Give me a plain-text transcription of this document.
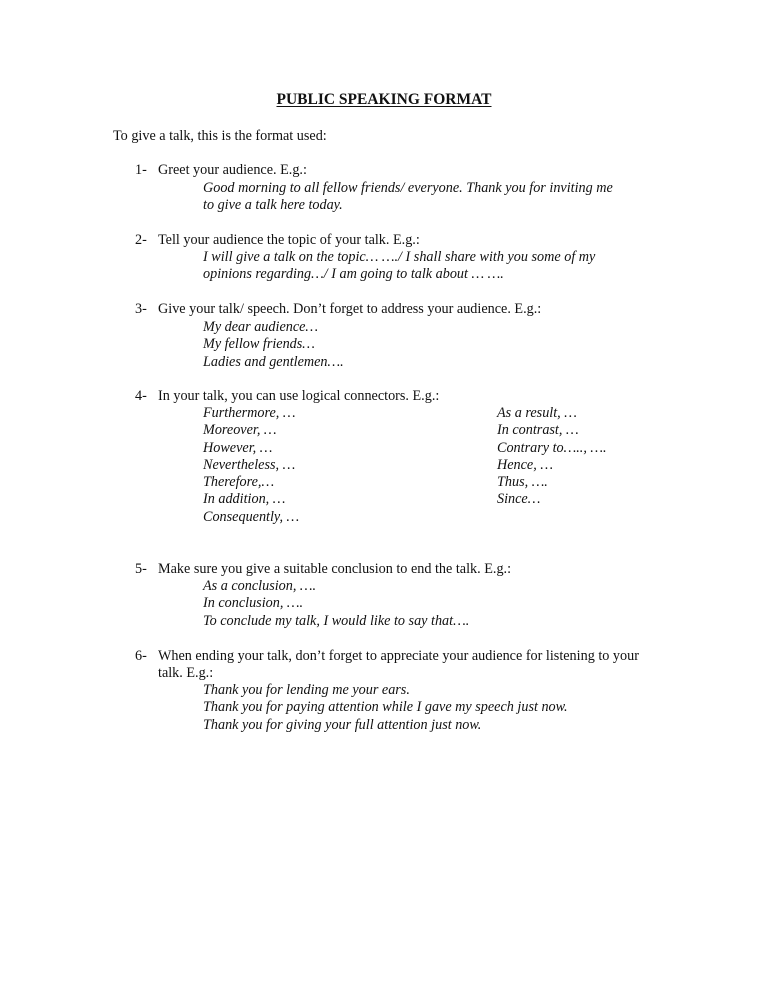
PUBLIC SPEAKING FORMAT
To give a talk, this is the format used:
1- Greet your audience. E.g.:
Good morning to all fellow friends/ everyone. Thank you for inviting me
to give a talk here today.
2- Tell your audience the topic of your talk. E.g.:
I will give a talk on the topic… …./ I shall share with you some of my
opinions regarding…/ I am going to talk about … ….
3- Give your talk/ speech. Don’t forget to address your audience. E.g.:
My dear audience…
My fellow friends…
Ladies and gentlemen….
4- In your talk, you can use logical connectors. E.g.:
Furthermore, …
Moreover, …
However, …
Nevertheless, …
Therefore,…
In addition, …
Consequently, …
As a result, …
In contrast, …
Contrary to….., ….
Hence, …
Thus, ….
Since…
5- Make sure you give a suitable conclusion to end the talk. E.g.:
As a conclusion, ….
In conclusion, ….
To conclude my talk, I would like to say that….
6- When ending your talk, don’t forget to appreciate your audience for listening to your talk. E.g.:
Thank you for lending me your ears.
Thank you for paying attention while I gave my speech just now.
Thank you for giving your full attention just now.
